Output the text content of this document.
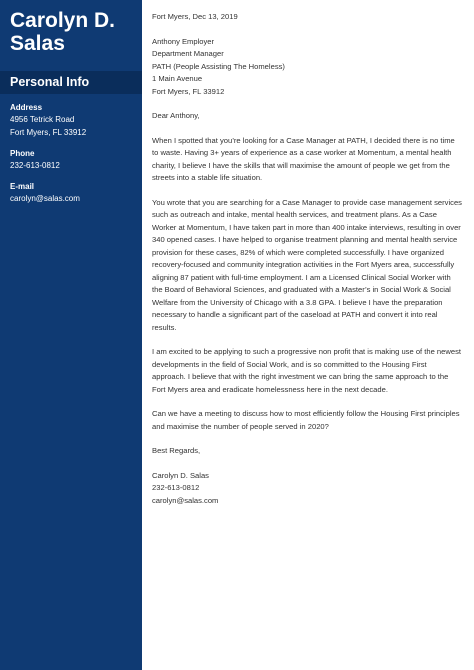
Carolyn D.
Salas
Personal Info
Address
4956 Tetrick Road
Fort Myers, FL 33912
Phone
232-613-0812
E-mail
carolyn@salas.com
Fort Myers, Dec 13, 2019
Anthony Employer
Department Manager
PATH (People Assisting The Homeless)
1 Main Avenue
Fort Myers, FL 33912

Dear Anthony,

When I spotted that you’re looking for a Case Manager at PATH, I decided there is no time to waste. Having 3+ years of experience as a case worker at Momentum, a mental health charity, I believe I have the skills that will maximise the amount of people we get from the streets into a stable life situation.

You wrote that you are searching for a Case Manager to provide case management services such as outreach and intake, mental health services, and treatment plans. As a Case Worker at Momentum, I have taken part in more than 400 intake interviews, resulting in over 340 opened cases. I have helped to organise treatment planning and mental health service provision for these cases, 82% of which were completed successfully. I have organized recovery-focused and community integration activities in the Fort Myers area, successfully aligning 87 patient with full-time employment. I am a Licensed Clinical Social Worker with the Board of Behavioral Sciences, and graduated with a Master’s in Social Work & Social Welfare from the University of Chicago with a 3.8 GPA. I believe I have the preparation necessary to handle a significant part of the caseload at PATH and convert it into real results.

I am excited to be applying to such a progressive non profit that is making use of the newest developments in the field of Social Work, and is so committed to the Housing First approach. I believe that with the right investment we can bring the same approach to the Fort Myers area and eradicate homelessness here in the next decade.

Can we have a meeting to discuss how to most efficiently follow the Housing First principles and maximise the number of people served in 2020?

Best Regards,

Carolyn D. Salas
232-613-0812
carolyn@salas.com
